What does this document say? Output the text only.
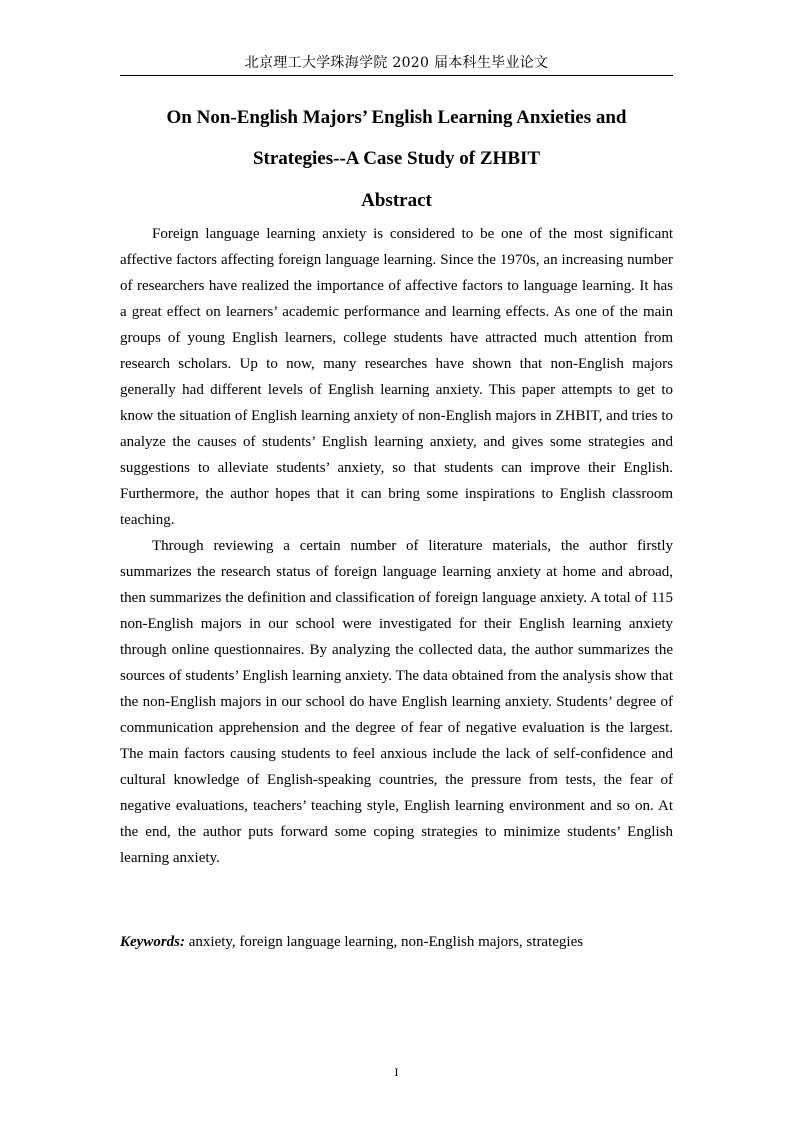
北京理工大学珠海学院 2020 届本科生毕业论文
On Non-English Majors’ English Learning Anxieties and
Strategies--A Case Study of ZHBIT
Abstract

Foreign language learning anxiety is considered to be one of the most significant affective factors affecting foreign language learning. Since the 1970s, an increasing number of researchers have realized the importance of affective factors to language learning. It has a great effect on learners’ academic performance and learning effects. As one of the main groups of young English learners, college students have attracted much attention from research scholars. Up to now, many researches have shown that non-English majors generally had different levels of English learning anxiety. This paper attempts to get to know the situation of English learning anxiety of non-English majors in ZHBIT, and tries to analyze the causes of students’ English learning anxiety, and gives some strategies and suggestions to alleviate students’ anxiety, so that students can improve their English. Furthermore, the author hopes that it can bring some inspirations to English classroom teaching.

Through reviewing a certain number of literature materials, the author firstly summarizes the research status of foreign language learning anxiety at home and abroad, then summarizes the definition and classification of foreign language anxiety. A total of 115 non-English majors in our school were investigated for their English learning anxiety through online questionnaires. By analyzing the collected data, the author summarizes the sources of students’ English learning anxiety. The data obtained from the analysis show that the non-English majors in our school do have English learning anxiety. Students’ degree of communication apprehension and the degree of fear of negative evaluation is the largest. The main factors causing students to feel anxious include the lack of self-confidence and cultural knowledge of English-speaking countries, the pressure from tests, the fear of negative evaluations, teachers’ teaching style, English learning environment and so on. At the end, the author puts forward some coping strategies to minimize students’ English learning anxiety.

Keywords: anxiety, foreign language learning, non-English majors, strategies

I
